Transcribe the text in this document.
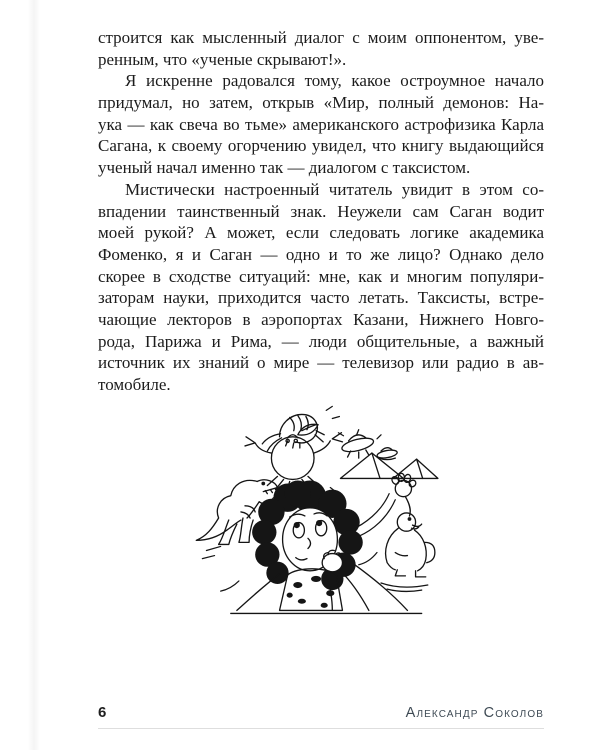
строится как мысленный диалог с моим оппонентом, уве-
ренным, что «ученые скрывают!».
Я искренне радовался тому, какое остроумное начало
придумал, но затем, открыв «Мир, полный демонов: На-
ука — как свеча во тьме» американского астрофизика Карла
Сагана, к своему огорчению увидел, что книгу выдающийся
ученый начал именно так — диалогом с таксистом.
Мистически настроенный читатель увидит в этом со-
впадении таинственный знак. Неужели сам Саган водит
моей рукой? А может, если следовать логике академика
Фоменко, я и Саган — одно и то же лицо? Однако дело
скорее в сходстве ситуаций: мне, как и многим популяри-
заторам науки, приходится часто летать. Таксисты, встре-
чающие лекторов в аэропортах Казани, Нижнего Новго-
рода, Парижа и Рима, — люди общительные, а важный
источник их знаний о мире — телевизор или радио в ав-
томобиле.
6	Александр Соколов
